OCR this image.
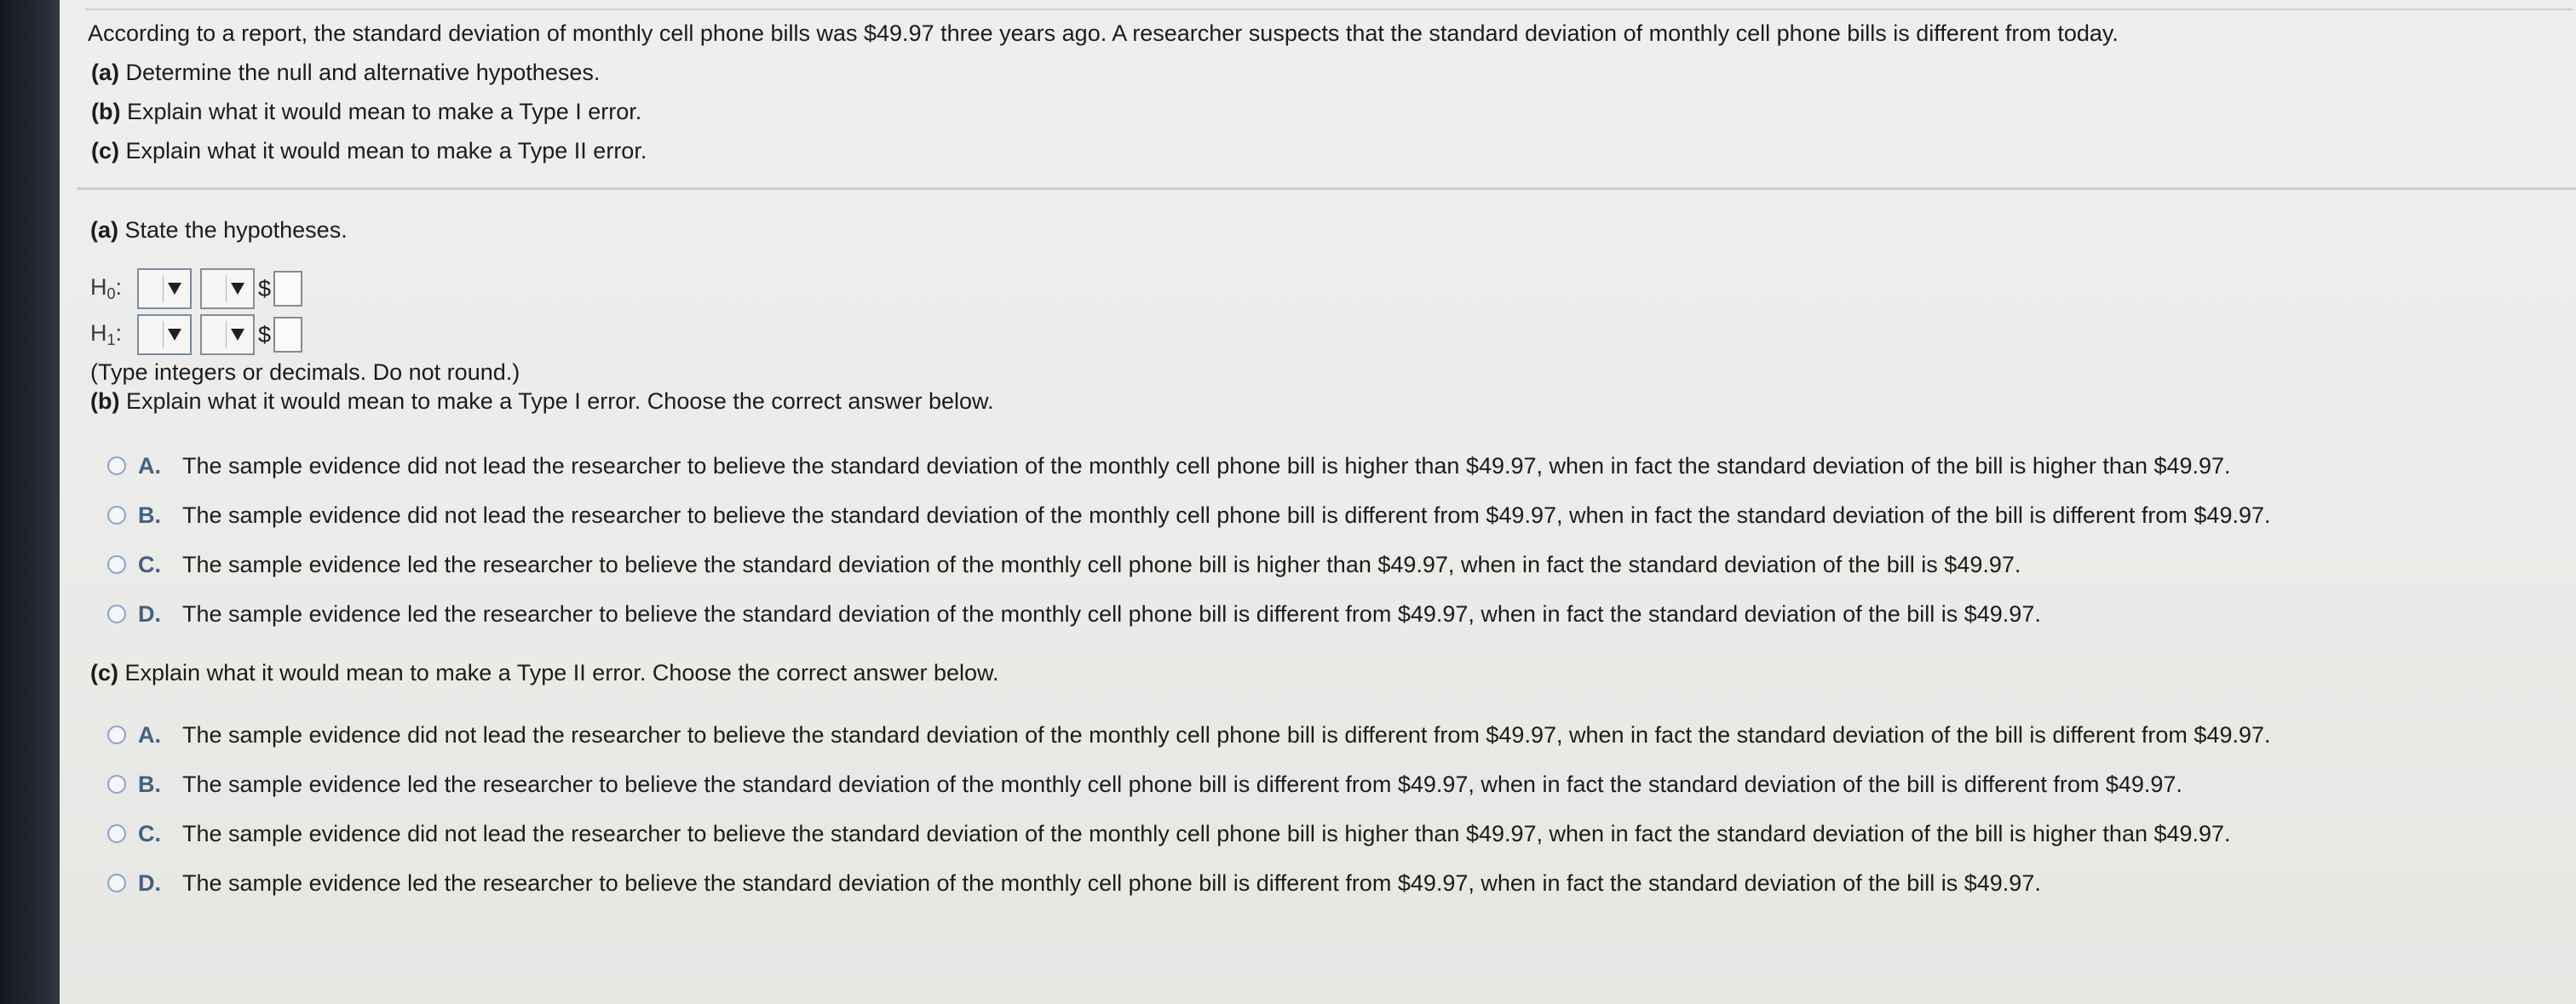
According to a report, the standard deviation of monthly cell phone bills was $49.97 three years ago. A researcher suspects that the standard deviation of monthly cell phone bills is different from today.
(a) Determine the null and alternative hypotheses.
(b) Explain what it would mean to make a Type I error.
(c) Explain what it would mean to make a Type II error.
(a) State the hypotheses.
$H_0$:	$
$H_1$:	$
(Type integers or decimals. Do not round.)
(b) Explain what it would mean to make a Type I error. Choose the correct answer below.
A. The sample evidence did not lead the researcher to believe the standard deviation of the monthly cell phone bill is higher than $49.97, when in fact the standard deviation of the bill is higher than $49.97.
B. The sample evidence did not lead the researcher to believe the standard deviation of the monthly cell phone bill is different from $49.97, when in fact the standard deviation of the bill is different from $49.97.
C. The sample evidence led the researcher to believe the standard deviation of the monthly cell phone bill is higher than $49.97, when in fact the standard deviation of the bill is $49.97.
D. The sample evidence led the researcher to believe the standard deviation of the monthly cell phone bill is different from $49.97, when in fact the standard deviation of the bill is $49.97.
(c) Explain what it would mean to make a Type II error. Choose the correct answer below.
A. The sample evidence did not lead the researcher to believe the standard deviation of the monthly cell phone bill is different from $49.97, when in fact the standard deviation of the bill is different from $49.97.
B. The sample evidence led the researcher to believe the standard deviation of the monthly cell phone bill is different from $49.97, when in fact the standard deviation of the bill is different from $49.97.
C. The sample evidence did not lead the researcher to believe the standard deviation of the monthly cell phone bill is higher than $49.97, when in fact the standard deviation of the bill is higher than $49.97.
D. The sample evidence led the researcher to believe the standard deviation of the monthly cell phone bill is different from $49.97, when in fact the standard deviation of the bill is $49.97.
